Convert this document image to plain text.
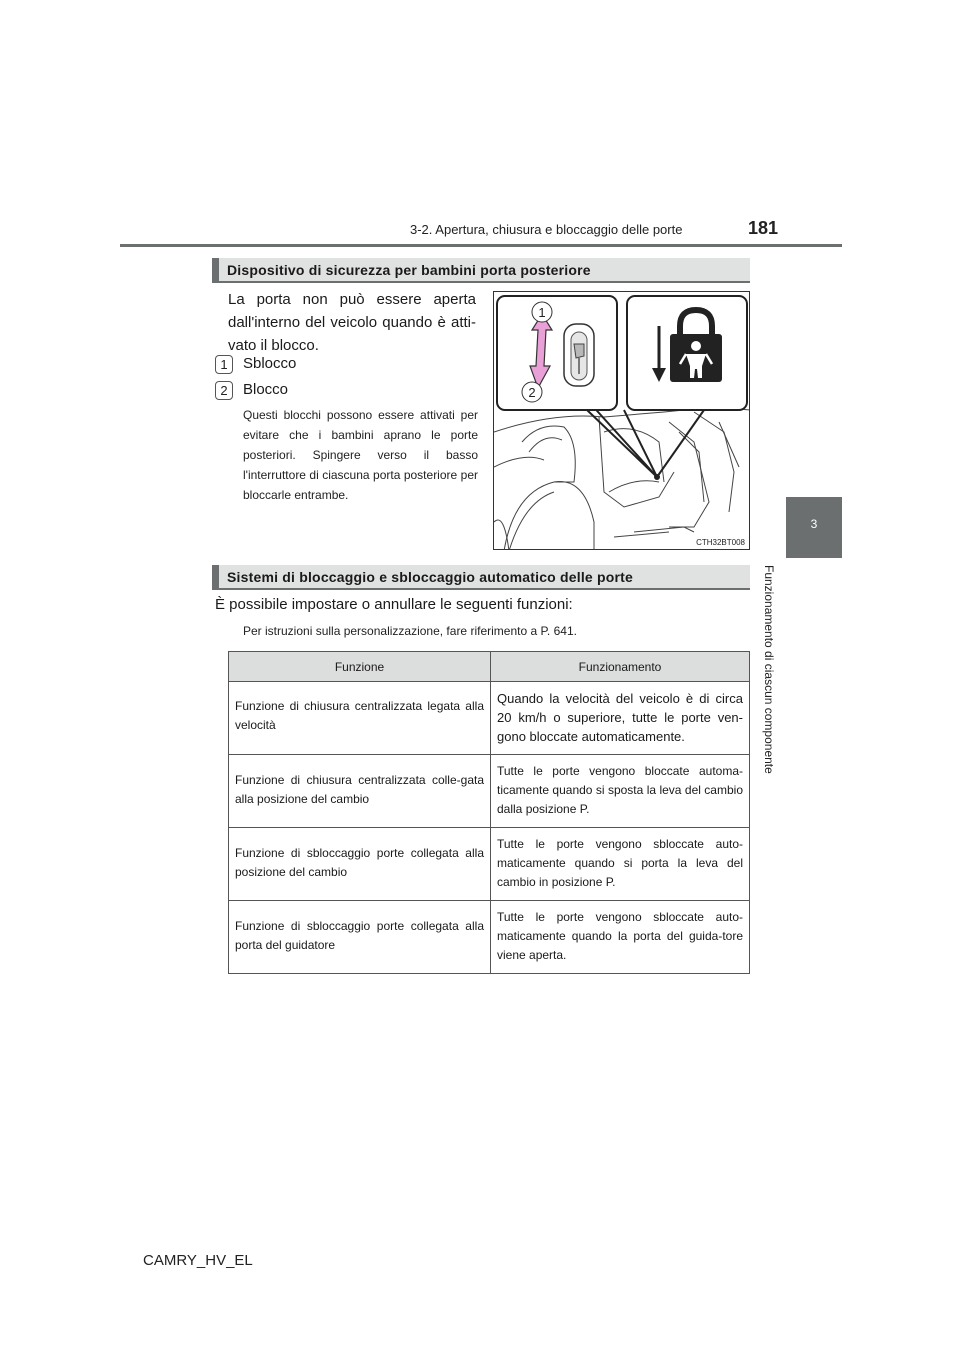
3-2. Apertura, chiusura e bloccaggio delle porte	181
3
Funzionamento di ciascun componente
Dispositivo di sicurezza per bambini porta posteriore
La porta non può essere aperta dall'interno del veicolo quando è atti-vato il blocco.
1	Sblocco
2	Blocco
Questi blocchi possono essere attivati per evitare che i bambini aprano le porte posteriori. Spingere verso il basso l'interruttore di ciascuna porta posteriore per bloccarle entrambe.
1
2
CTH32BT008
Sistemi di bloccaggio e sbloccaggio automatico delle porte
È possibile impostare o annullare le seguenti funzioni:
Per istruzioni sulla personalizzazione, fare riferimento a P. 641.
Funzione	Funzionamento
Funzione di chiusura centralizzata legata alla velocità	Quando la velocità del veicolo è di circa 20 km/h o superiore, tutte le porte ven-gono bloccate automaticamente.
Funzione di chiusura centralizzata colle-gata alla posizione del cambio	Tutte le porte vengono bloccate automa-ticamente quando si sposta la leva del cambio dalla posizione P.
Funzione di sbloccaggio porte collegata alla posizione del cambio	Tutte le porte vengono sbloccate auto-maticamente quando si porta la leva del cambio in posizione P.
Funzione di sbloccaggio porte collegata alla porta del guidatore	Tutte le porte vengono sbloccate auto-maticamente quando la porta del guida-tore viene aperta.
CAMRY_HV_EL
